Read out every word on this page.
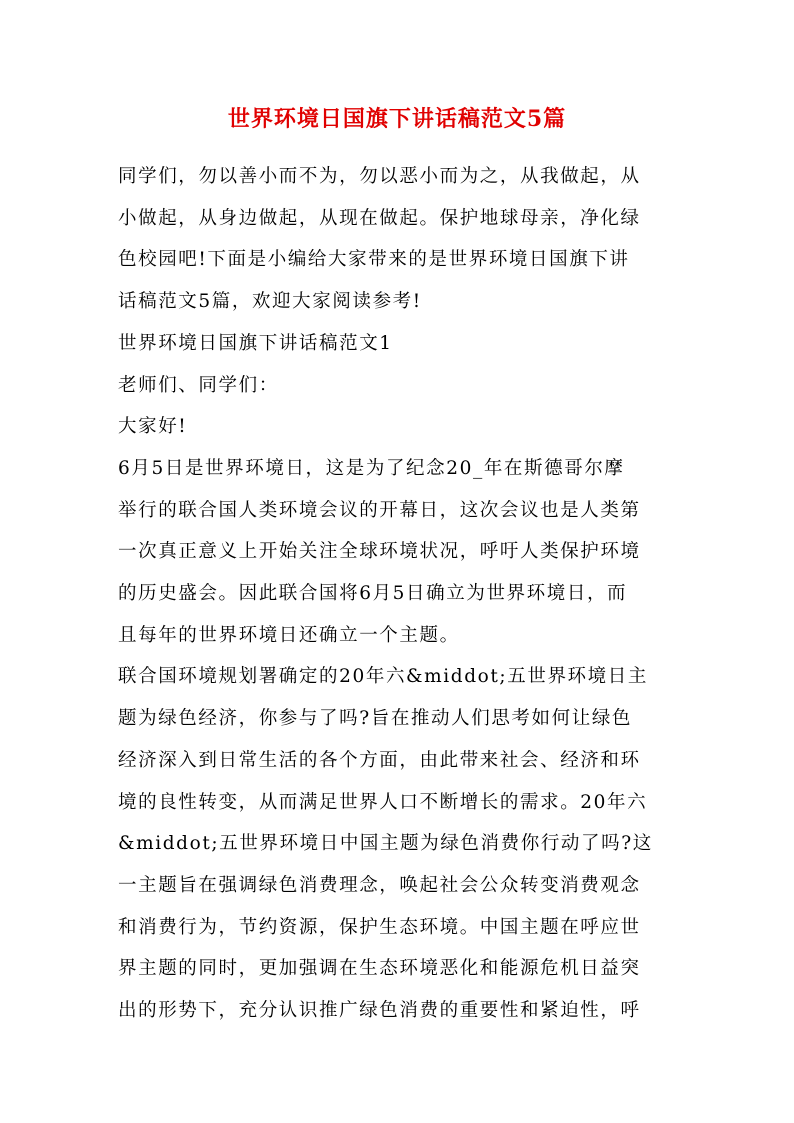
世界环境日国旗下讲话稿范文5篇

同学们，勿以善小而不为，勿以恶小而为之，从我做起，从

小做起，从身边做起，从现在做起。保护地球母亲，净化绿

色校园吧!下面是小编给大家带来的是世界环境日国旗下讲

话稿范文5篇，欢迎大家阅读参考!

世界环境日国旗下讲话稿范文1

老师们、同学们：

大家好!

6月5日是世界环境日，这是为了纪念20_年在斯德哥尔摩

举行的联合国人类环境会议的开幕日，这次会议也是人类第

一次真正意义上开始关注全球环境状况，呼吁人类保护环境

的历史盛会。因此联合国将6月5日确立为世界环境日，而

且每年的世界环境日还确立一个主题。

联合国环境规划署确定的20年六&middot;五世界环境日主

题为绿色经济，你参与了吗?旨在推动人们思考如何让绿色

经济深入到日常生活的各个方面，由此带来社会、经济和环

境的良性转变，从而满足世界人口不断增长的需求。20年六

&middot;五世界环境日中国主题为绿色消费你行动了吗?这

一主题旨在强调绿色消费理念，唤起社会公众转变消费观念

和消费行为，节约资源，保护生态环境。中国主题在呼应世

界主题的同时，更加强调在生态环境恶化和能源危机日益突

出的形势下，充分认识推广绿色消费的重要性和紧迫性，呼
